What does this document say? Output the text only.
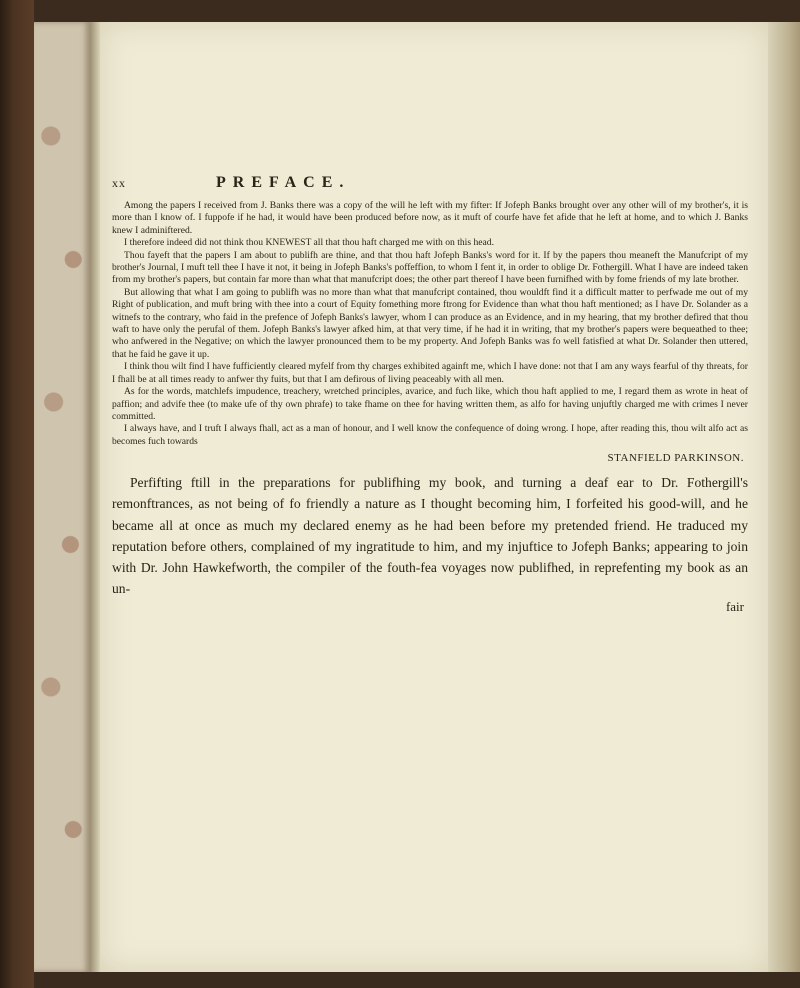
xx	PREFACE.

Among the papers I received from J. Banks there was a copy of the will he left with my fifter: If Jofeph Banks brought over any other will of my brother's, it is more than I know of. I fuppofe if he had, it would have been produced before now, as it muft of courfe have fet afide that he left at home, and to which J. Banks knew I adminiftered.

I therefore indeed did not think thou KNEWEST all that thou haft charged me with on this head.

Thou fayeft that the papers I am about to publifh are thine, and that thou haft Jofeph Banks's word for it. If by the papers thou meaneft the Manufcript of my brother's Journal, I muft tell thee I have it not, it being in Jofeph Banks's poffeffion, to whom I fent it, in order to oblige Dr. Fothergill. What I have are indeed taken from my brother's papers, but contain far more than what that manufcript does; the other part thereof I have been furnifhed with by fome friends of my late brother.

But allowing that what I am going to publifh was no more than what that manufcript contained, thou wouldft find it a difficult matter to perfwade me out of my Right of publication, and muft bring with thee into a court of Equity fomething more ftrong for Evidence than what thou haft mentioned; as I have Dr. Solander as a witnefs to the contrary, who faid in the prefence of Jofeph Banks's lawyer, whom I can produce as an Evidence, and in my hearing, that my brother defired that thou waft to have only the perufal of them. Jofeph Banks's lawyer afked him, at that very time, if he had it in writing, that my brother's papers were bequeathed to thee; who anfwered in the Negative; on which the lawyer pronounced them to be my property. And Jofeph Banks was fo well fatisfied at what Dr. Solander then uttered, that he faid he gave it up.

I think thou wilt find I have fufficiently cleared myfelf from thy charges exhibited againft me, which I have done: not that I am any ways fearful of thy threats, for I fhall be at all times ready to anfwer thy fuits, but that I am defirous of living peaceably with all men.

As for the words, matchlefs impudence, treachery, wretched principles, avarice, and fuch like, which thou haft applied to me, I regard them as wrote in heat of paffion; and advife thee (to make ufe of thy own phrafe) to take fhame on thee for having written them, as alfo for having unjuftly charged me with crimes I never committed.

I always have, and I truft I always fhall, act as a man of honour, and I well know the confequence of doing wrong. I hope, after reading this, thou wilt alfo act as becomes fuch towards

STANFIELD PARKINSON.

Perfifting ftill in the preparations for publifhing my book, and turning a deaf ear to Dr. Fothergill's remonftrances, as not being of fo friendly a nature as I thought becoming him, I forfeited his good-will, and he became all at once as much my declared enemy as he had been before my pretended friend. He traduced my reputation before others, complained of my ingratitude to him, and my injuftice to Jofeph Banks; appearing to join with Dr. John Hawkefworth, the compiler of the fouth-fea voyages now publifhed, in reprefenting my book as an un-

fair
